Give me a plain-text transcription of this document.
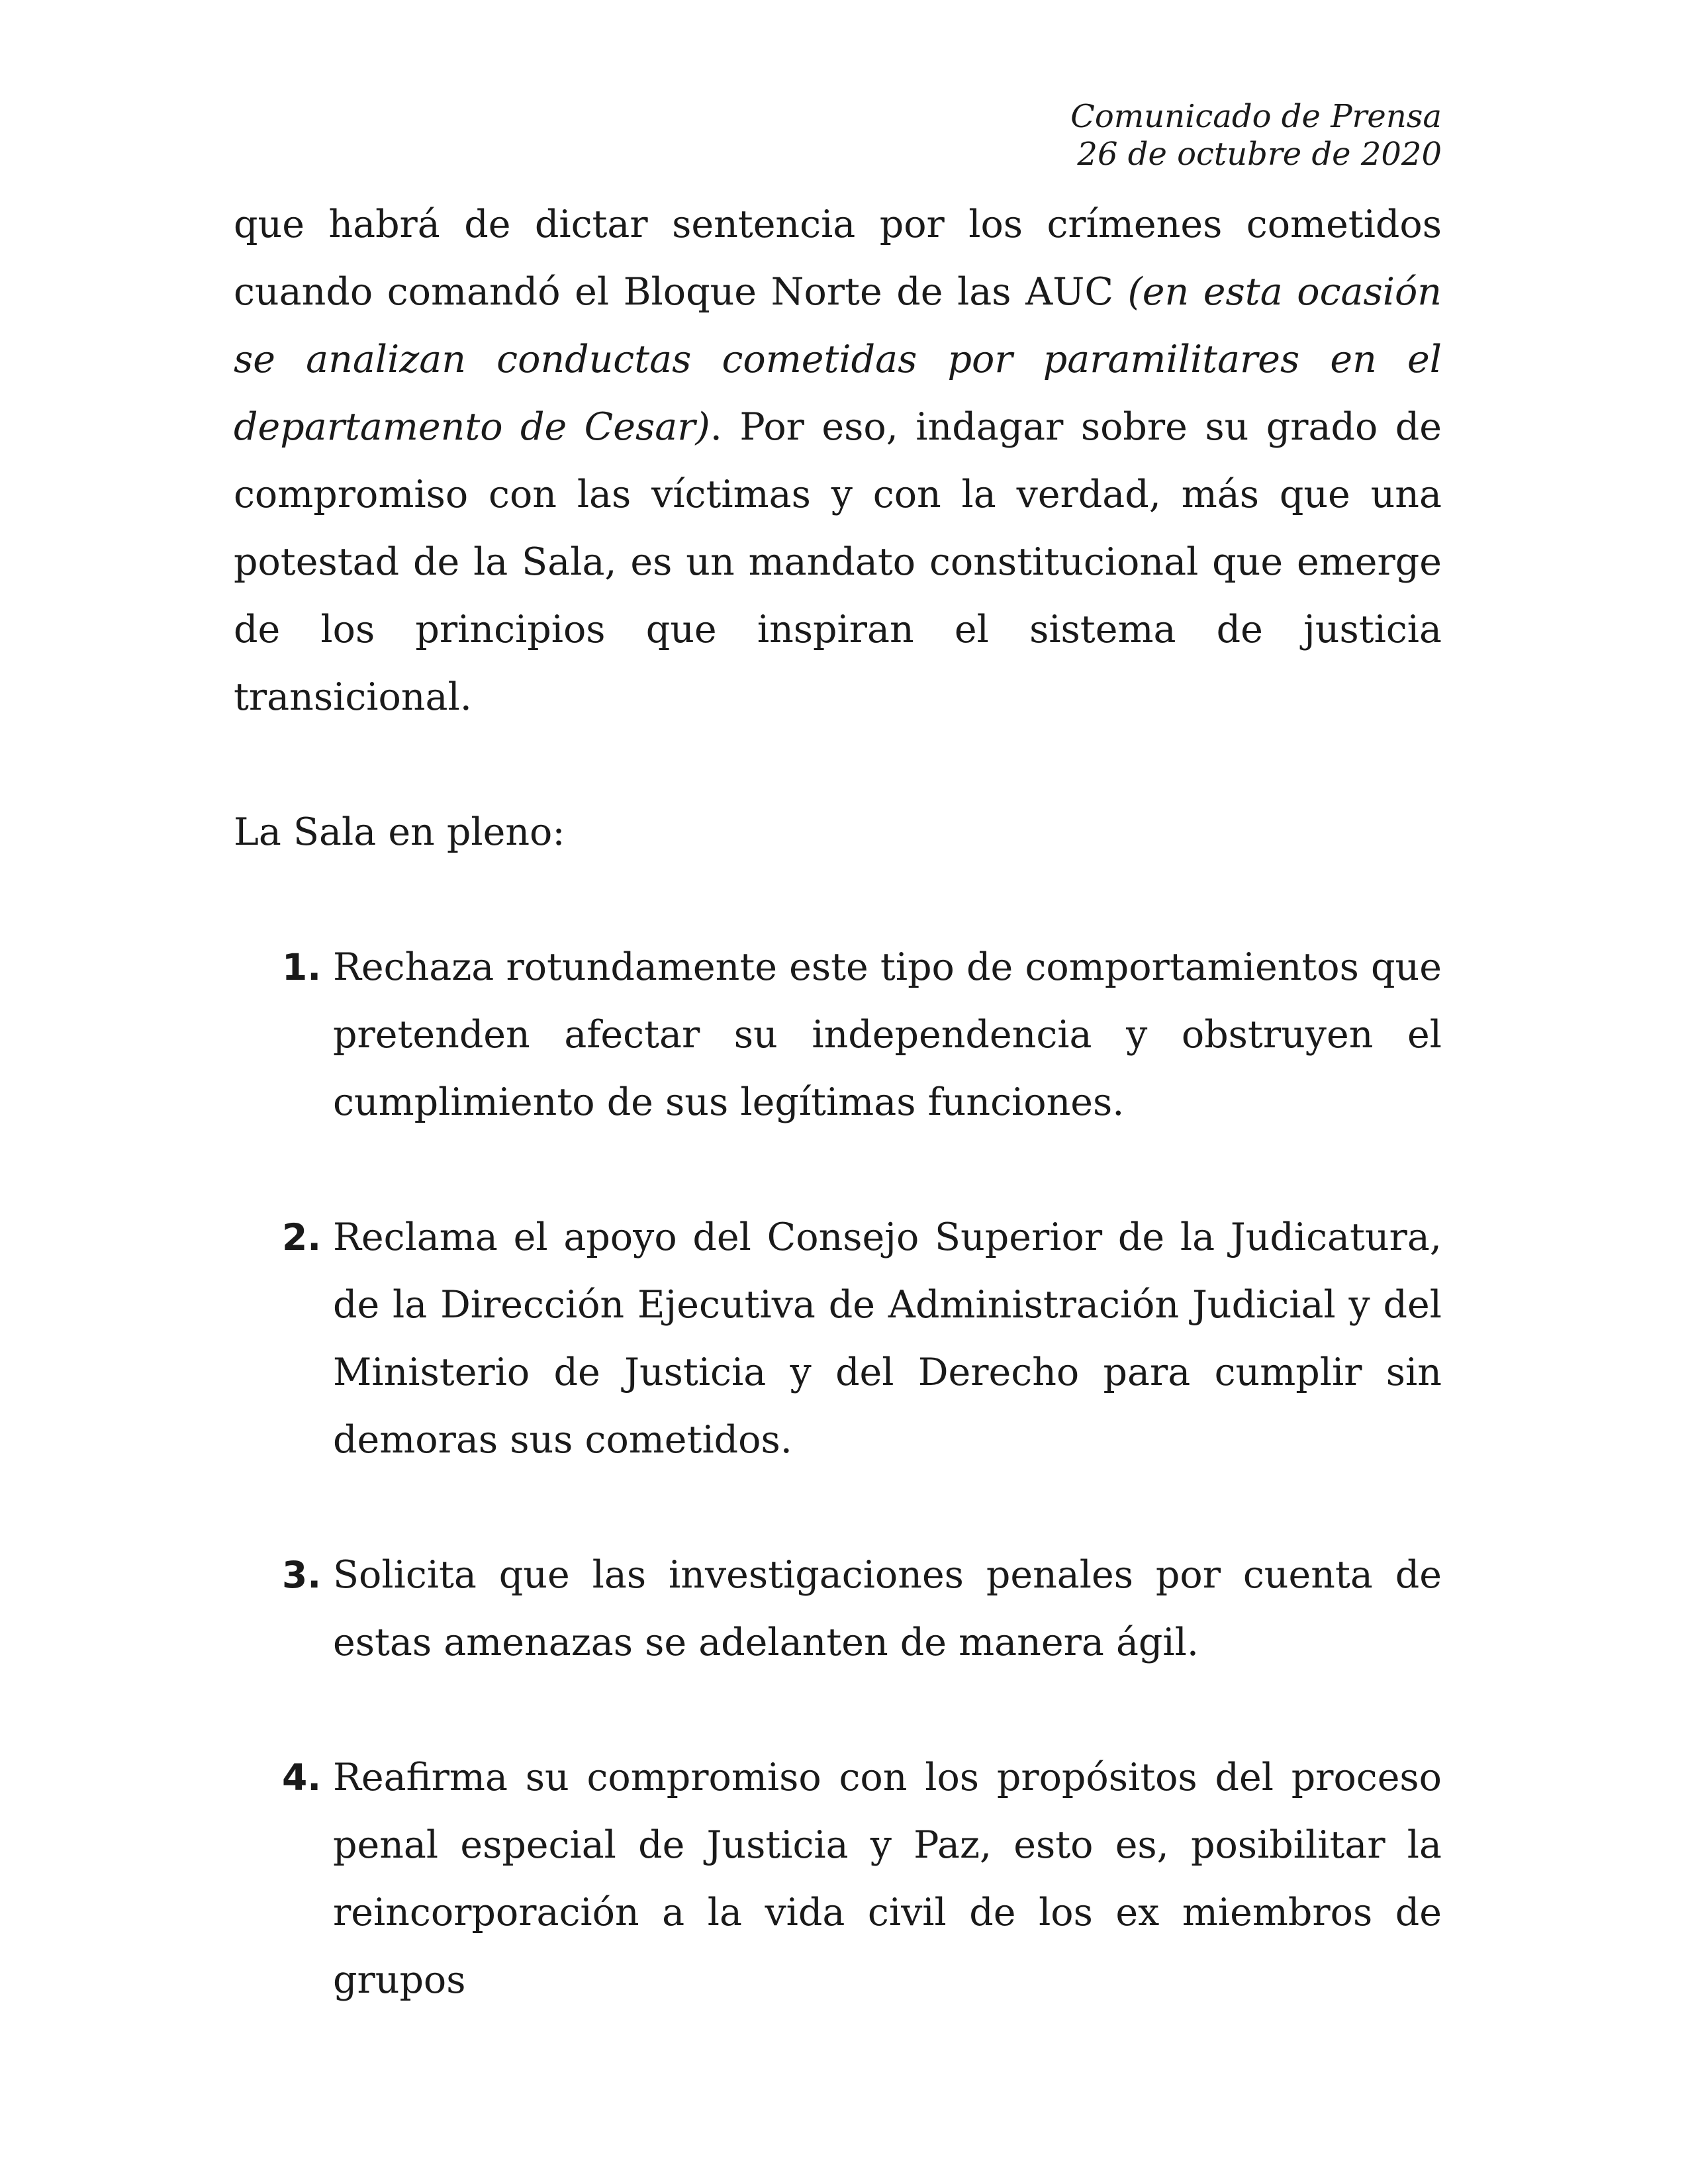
Comunicado de Prensa
26 de octubre de 2020

que habrá de dictar sentencia por los crímenes cometidos cuando comandó el Bloque Norte de las AUC (en esta ocasión se analizan conductas cometidas por paramilitares en el departamento de Cesar). Por eso, indagar sobre su grado de compromiso con las víctimas y con la verdad, más que una potestad de la Sala, es un mandato constitucional que emerge de los principios que inspiran el sistema de justicia transicional.

La Sala en pleno:

1. Rechaza rotundamente este tipo de comportamientos que pretenden afectar su independencia y obstruyen el cumplimiento de sus legítimas funciones.
2. Reclama el apoyo del Consejo Superior de la Judicatura, de la Dirección Ejecutiva de Administración Judicial y del Ministerio de Justicia y del Derecho para cumplir sin demoras sus cometidos.
3. Solicita que las investigaciones penales por cuenta de estas amenazas se adelanten de manera ágil.
4. Reafirma su compromiso con los propósitos del proceso penal especial de Justicia y Paz, esto es, posibilitar la reincorporación a la vida civil de los ex miembros de grupos
